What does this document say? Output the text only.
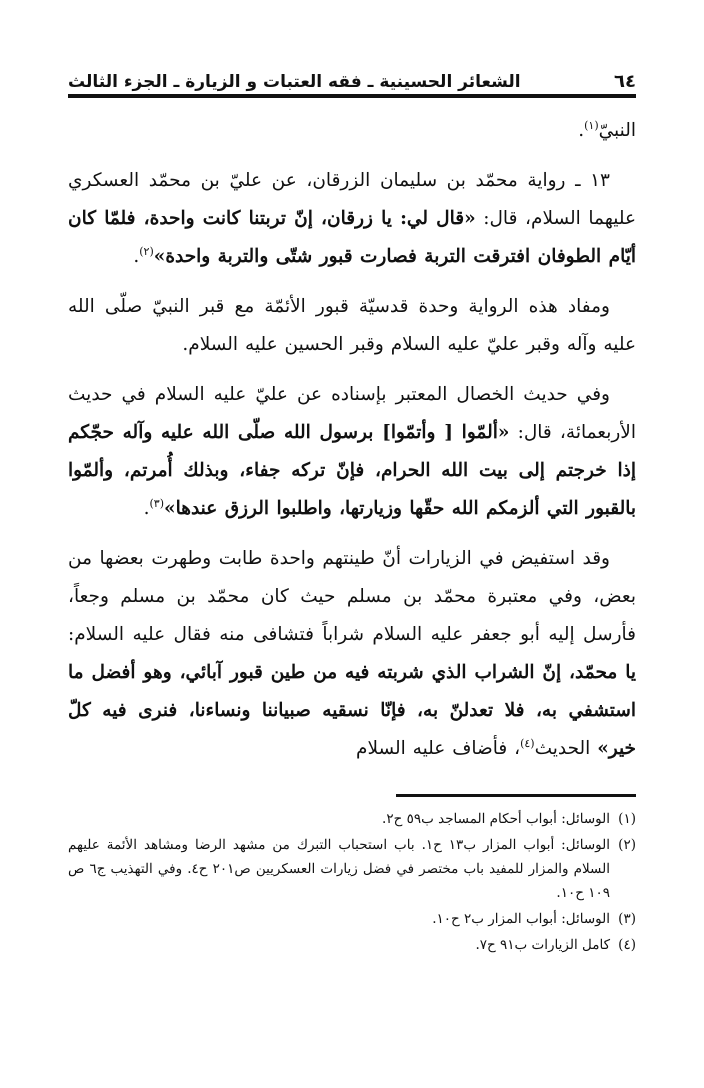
٦٤
الشعائر الحسينية ـ فقه العتبات و الزيارة ـ الجزء الثالث

النبيّ$^{(١)}$.

١٣ ـ رواية محمّد بن سليمان الزرقان، عن عليّ بن محمّد العسكري عليهما السلام، قال: «قال لي: يا زرقان، إنّ تربتنا كانت واحدة، فلمّا كان أيّام الطوفان افترقت التربة فصارت قبور شتّى والتربة واحدة»$^{(٢)}$.

ومفاد هذه الرواية وحدة قدسيّة قبور الأئمّة مع قبر النبيّ صلّى الله عليه وآله وقبر عليّ عليه السلام وقبر الحسين عليه السلام.

وفي حديث الخصال المعتبر بإسناده عن عليّ عليه السلام في حديث الأربعمائة، قال: «ألمّوا [ وأتمّوا] برسول الله صلّى الله عليه وآله حجّكم إذا خرجتم إلى بيت الله الحرام، فإنّ تركه جفاء، وبذلك أُمرتم، وألمّوا بالقبور التي ألزمكم الله حقّها وزيارتها، واطلبوا الرزق عندها»$^{(٣)}$.

وقد استفيض في الزيارات أنّ طينتهم واحدة طابت وطهرت بعضها من بعض، وفي معتبرة محمّد بن مسلم حيث كان محمّد بن مسلم وجعاً، فأرسل إليه أبو جعفر عليه السلام شراباً فتشافى منه فقال عليه السلام: يا محمّد، إنّ الشراب الذي شربته فيه من طين قبور آبائي، وهو أفضل ما استشفي به، فلا تعدلنّ به، فإنّا نسقيه صبياننا ونساءنا، فنرى فيه كلّ خير» الحديث$^{(٤)}$، فأضاف عليه السلام

(١)
الوسائل: أبواب أحكام المساجد ب٥٩ ح٢.
(٢)
الوسائل: أبواب المزار ب١٣ ح١. باب استحباب التبرك من مشهد الرضا ومشاهد الأئمة عليهم السلام والمزار للمفيد باب مختصر في فضل زيارات العسكريين ص٢٠١ ح٤. وفي التهذيب ج٦ ص ١٠٩ ح١٠.
(٣)
الوسائل: أبواب المزار ب٢ ح١٠.
(٤)
كامل الزيارات ب٩١ ح٧.
